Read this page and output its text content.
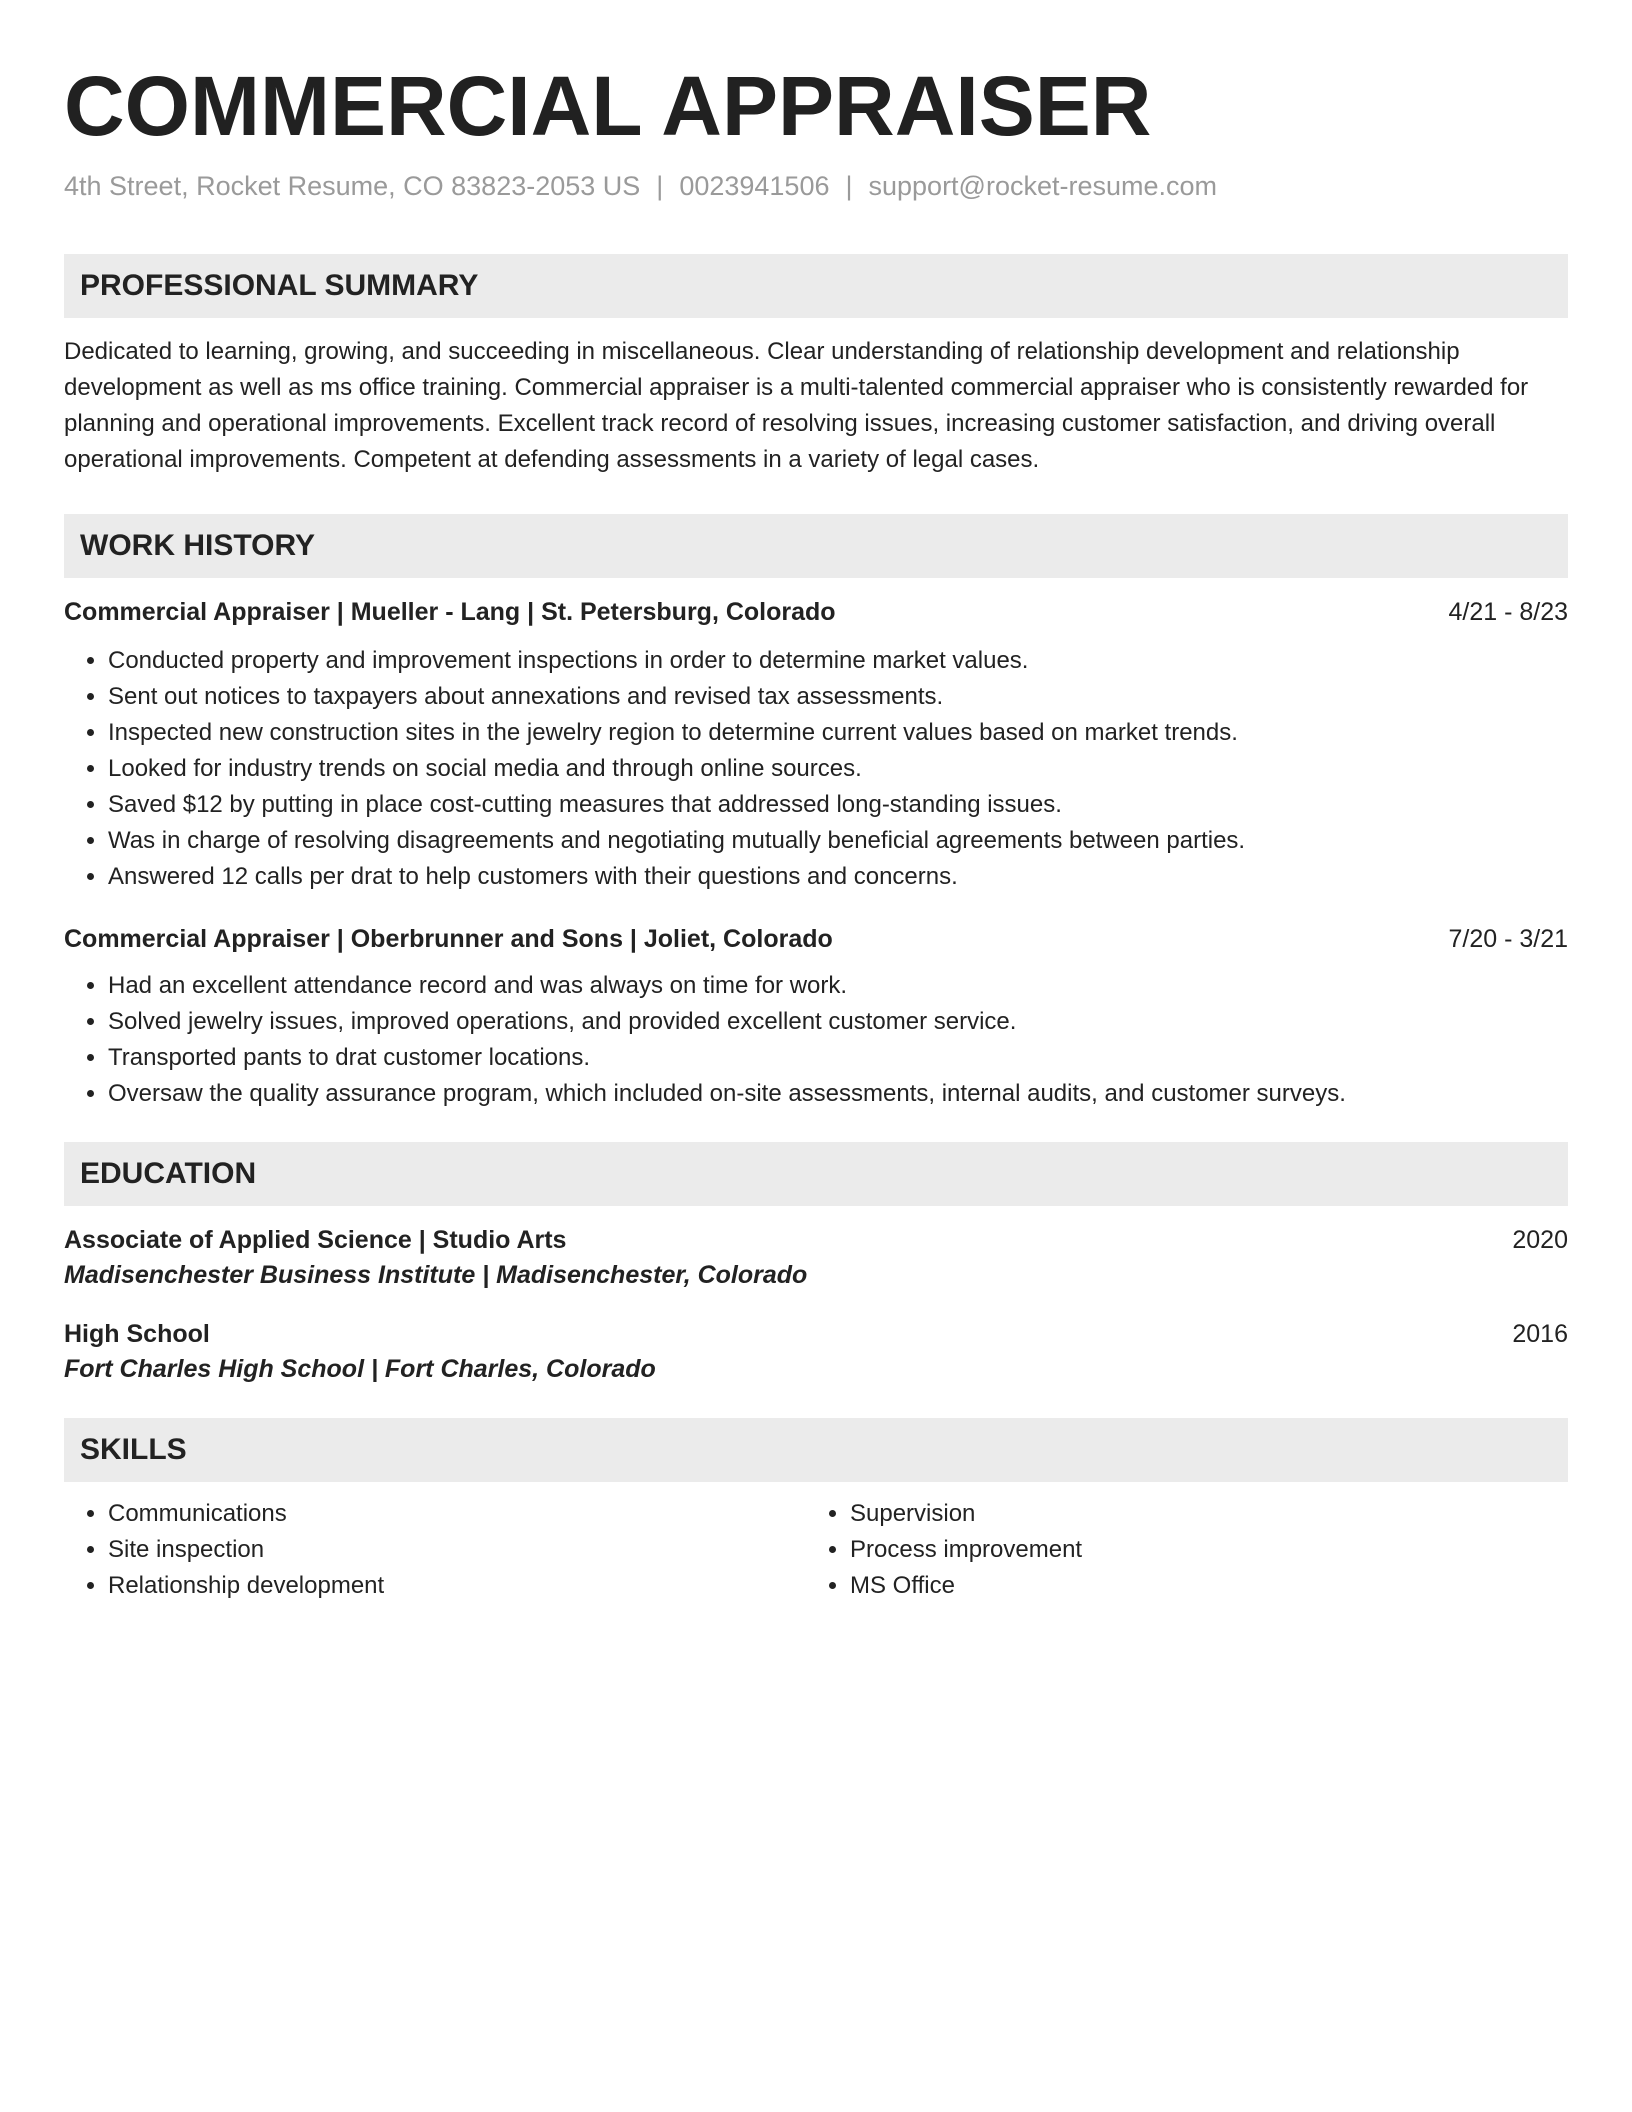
COMMERCIAL APPRAISER
4th Street, Rocket Resume, CO 83823-2053 US | 0023941506 | support@rocket-resume.com
PROFESSIONAL SUMMARY
Dedicated to learning, growing, and succeeding in miscellaneous. Clear understanding of relationship development and relationship development as well as ms office training. Commercial appraiser is a multi-talented commercial appraiser who is consistently rewarded for planning and operational improvements. Excellent track record of resolving issues, increasing customer satisfaction, and driving overall operational improvements. Competent at defending assessments in a variety of legal cases.
WORK HISTORY
Commercial Appraiser | Mueller - Lang | St. Petersburg, Colorado	4/21 - 8/23
• Conducted property and improvement inspections in order to determine market values.
• Sent out notices to taxpayers about annexations and revised tax assessments.
• Inspected new construction sites in the jewelry region to determine current values based on market trends.
• Looked for industry trends on social media and through online sources.
• Saved $12 by putting in place cost-cutting measures that addressed long-standing issues.
• Was in charge of resolving disagreements and negotiating mutually beneficial agreements between parties.
• Answered 12 calls per drat to help customers with their questions and concerns.
Commercial Appraiser | Oberbrunner and Sons | Joliet, Colorado	7/20 - 3/21
• Had an excellent attendance record and was always on time for work.
• Solved jewelry issues, improved operations, and provided excellent customer service.
• Transported pants to drat customer locations.
• Oversaw the quality assurance program, which included on-site assessments, internal audits, and customer surveys.
EDUCATION
Associate of Applied Science | Studio Arts	2020
Madisenchester Business Institute | Madisenchester, Colorado
High School	2016
Fort Charles High School | Fort Charles, Colorado
SKILLS
• Communications
• Site inspection
• Relationship development
• Supervision
• Process improvement
• MS Office
